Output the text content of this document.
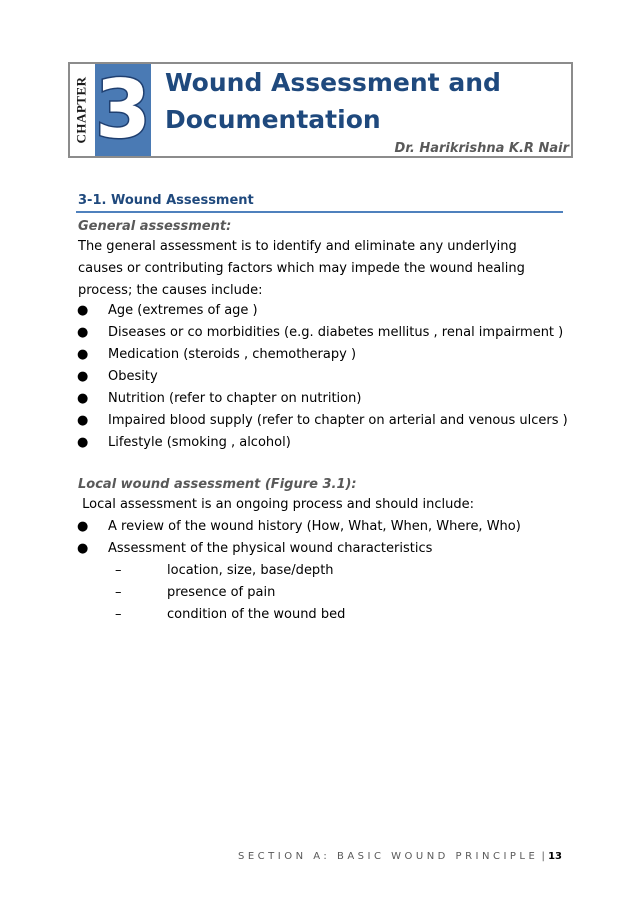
CHAPTER 3 Wound Assessment and
Documentation
Dr. Harikrishna K.R Nair
3-1. Wound Assessment
General assessment:
The general assessment is to identify and eliminate any underlying causes or contributing factors which may impede the wound healing process; the causes include:
● Age (extremes of age )
● Diseases or co morbidities (e.g. diabetes mellitus , renal impairment )
● Medication (steroids , chemotherapy )
● Obesity
● Nutrition (refer to chapter on nutrition)
● Impaired blood supply (refer to chapter on arterial and venous ulcers )
● Lifestyle (smoking , alcohol)
Local wound assessment (Figure 3.1):
Local assessment is an ongoing process and should include:
● A review of the wound history (How, What, When, Where, Who)
● Assessment of the physical wound characteristics
–	location, size, base/depth
–	presence of pain
–	condition of the wound bed
SECTION A: BASIC WOUND PRINCIPLE | 13
